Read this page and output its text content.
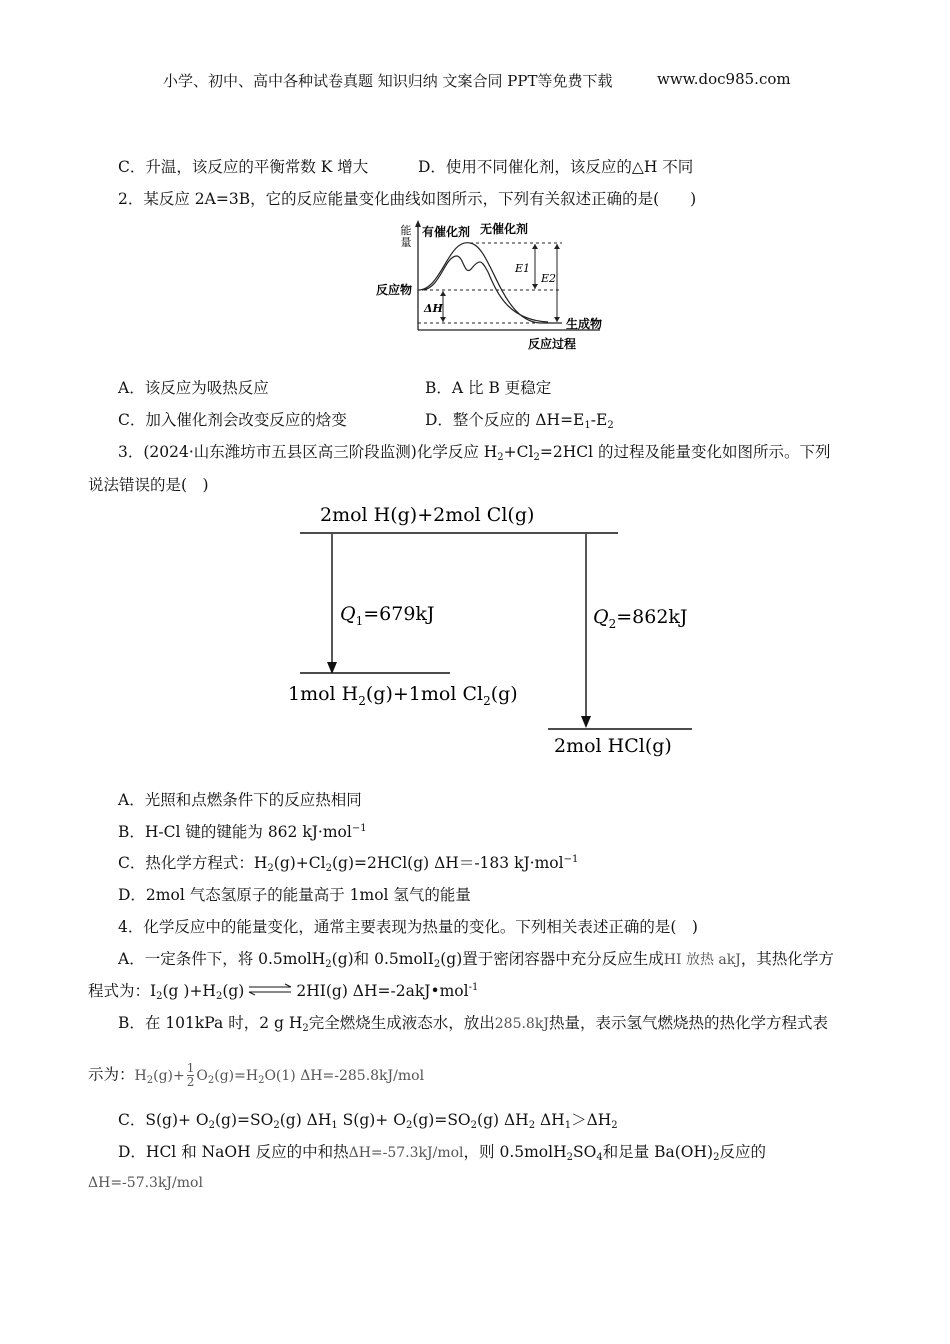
小学、初中、高中各种试卷真题 知识归纳 文案合同 PPT等免费下载	www.doc985.com
C．升温，该反应的平衡常数 K 增大	D．使用不同催化剂，该反应的△H 不同
2．某反应 2A=3B，它的反应能量变化曲线如图所示，下列有关叙述正确的是(　　)
能
量
有催化剂 无催化剂
反应物
ΔH
E1
E2
生成物
反应过程
A．该反应为吸热反应	B．A 比 B 更稳定
C．加入催化剂会改变反应的焓变	D．整个反应的 $\Delta H=E_1-E_2$
3．(2024·山东潍坊市五县区高三阶段监测)化学反应 $H_2+Cl_2=2HCl$ 的过程及能量变化如图所示。下列
说法错误的是(　)
2mol H(g)+2mol Cl(g)
$Q_1=679kJ$
1mol $H_2(g)+1mol$ $Cl_2(g)$
$Q_2=862kJ$
2mol HCl(g)
A．光照和点燃条件下的反应热相同
B．H-Cl 键的键能为 862 kJ·mol$^{-1}$
C．热化学方程式：$H_2(g)+Cl_2(g)=2HCl(g)$ ΔH＝-183 kJ·mol$^{-1}$
D．2mol 气态氢原子的能量高于 1mol 氢气的能量
4．化学反应中的能量变化，通常主要表现为热量的变化。下列相关表述正确的是(　)
A．一定条件下，将 0.5molH$_2$(g)和 0.5molI$_2$(g)置于密闭容器中充分反应生成HI 放热 akJ，其热化学方
程式为：$I_2(g$ )$+H_2(g)$ ⇌ 2HI(g) ΔH=-2akJ•mol$^{-1}$
B．在 101kPa 时，2 g $H_2$完全燃烧生成液态水，放出285.8kJ热量，表示氢气燃烧热的热化学方程式表
示为：$H_2(g)+ \frac{1}{2} O_2(g)=H_2O(1)$ ΔH=-285.8kJ/mol
C．$S(g)+ O_2(g)=SO_2(g)$ $\Delta H_1$ $S(g)+ O_2(g)=SO_2(g)$ $\Delta H_2$ $\Delta H_1>\Delta H_2$
D．HCl 和 NaOH 反应的中和热ΔH=-57.3kJ/mol，则 $0.5molH_2SO_4$和足量 $Ba(OH)_2$反应的
ΔH=-57.3kJ/mol
